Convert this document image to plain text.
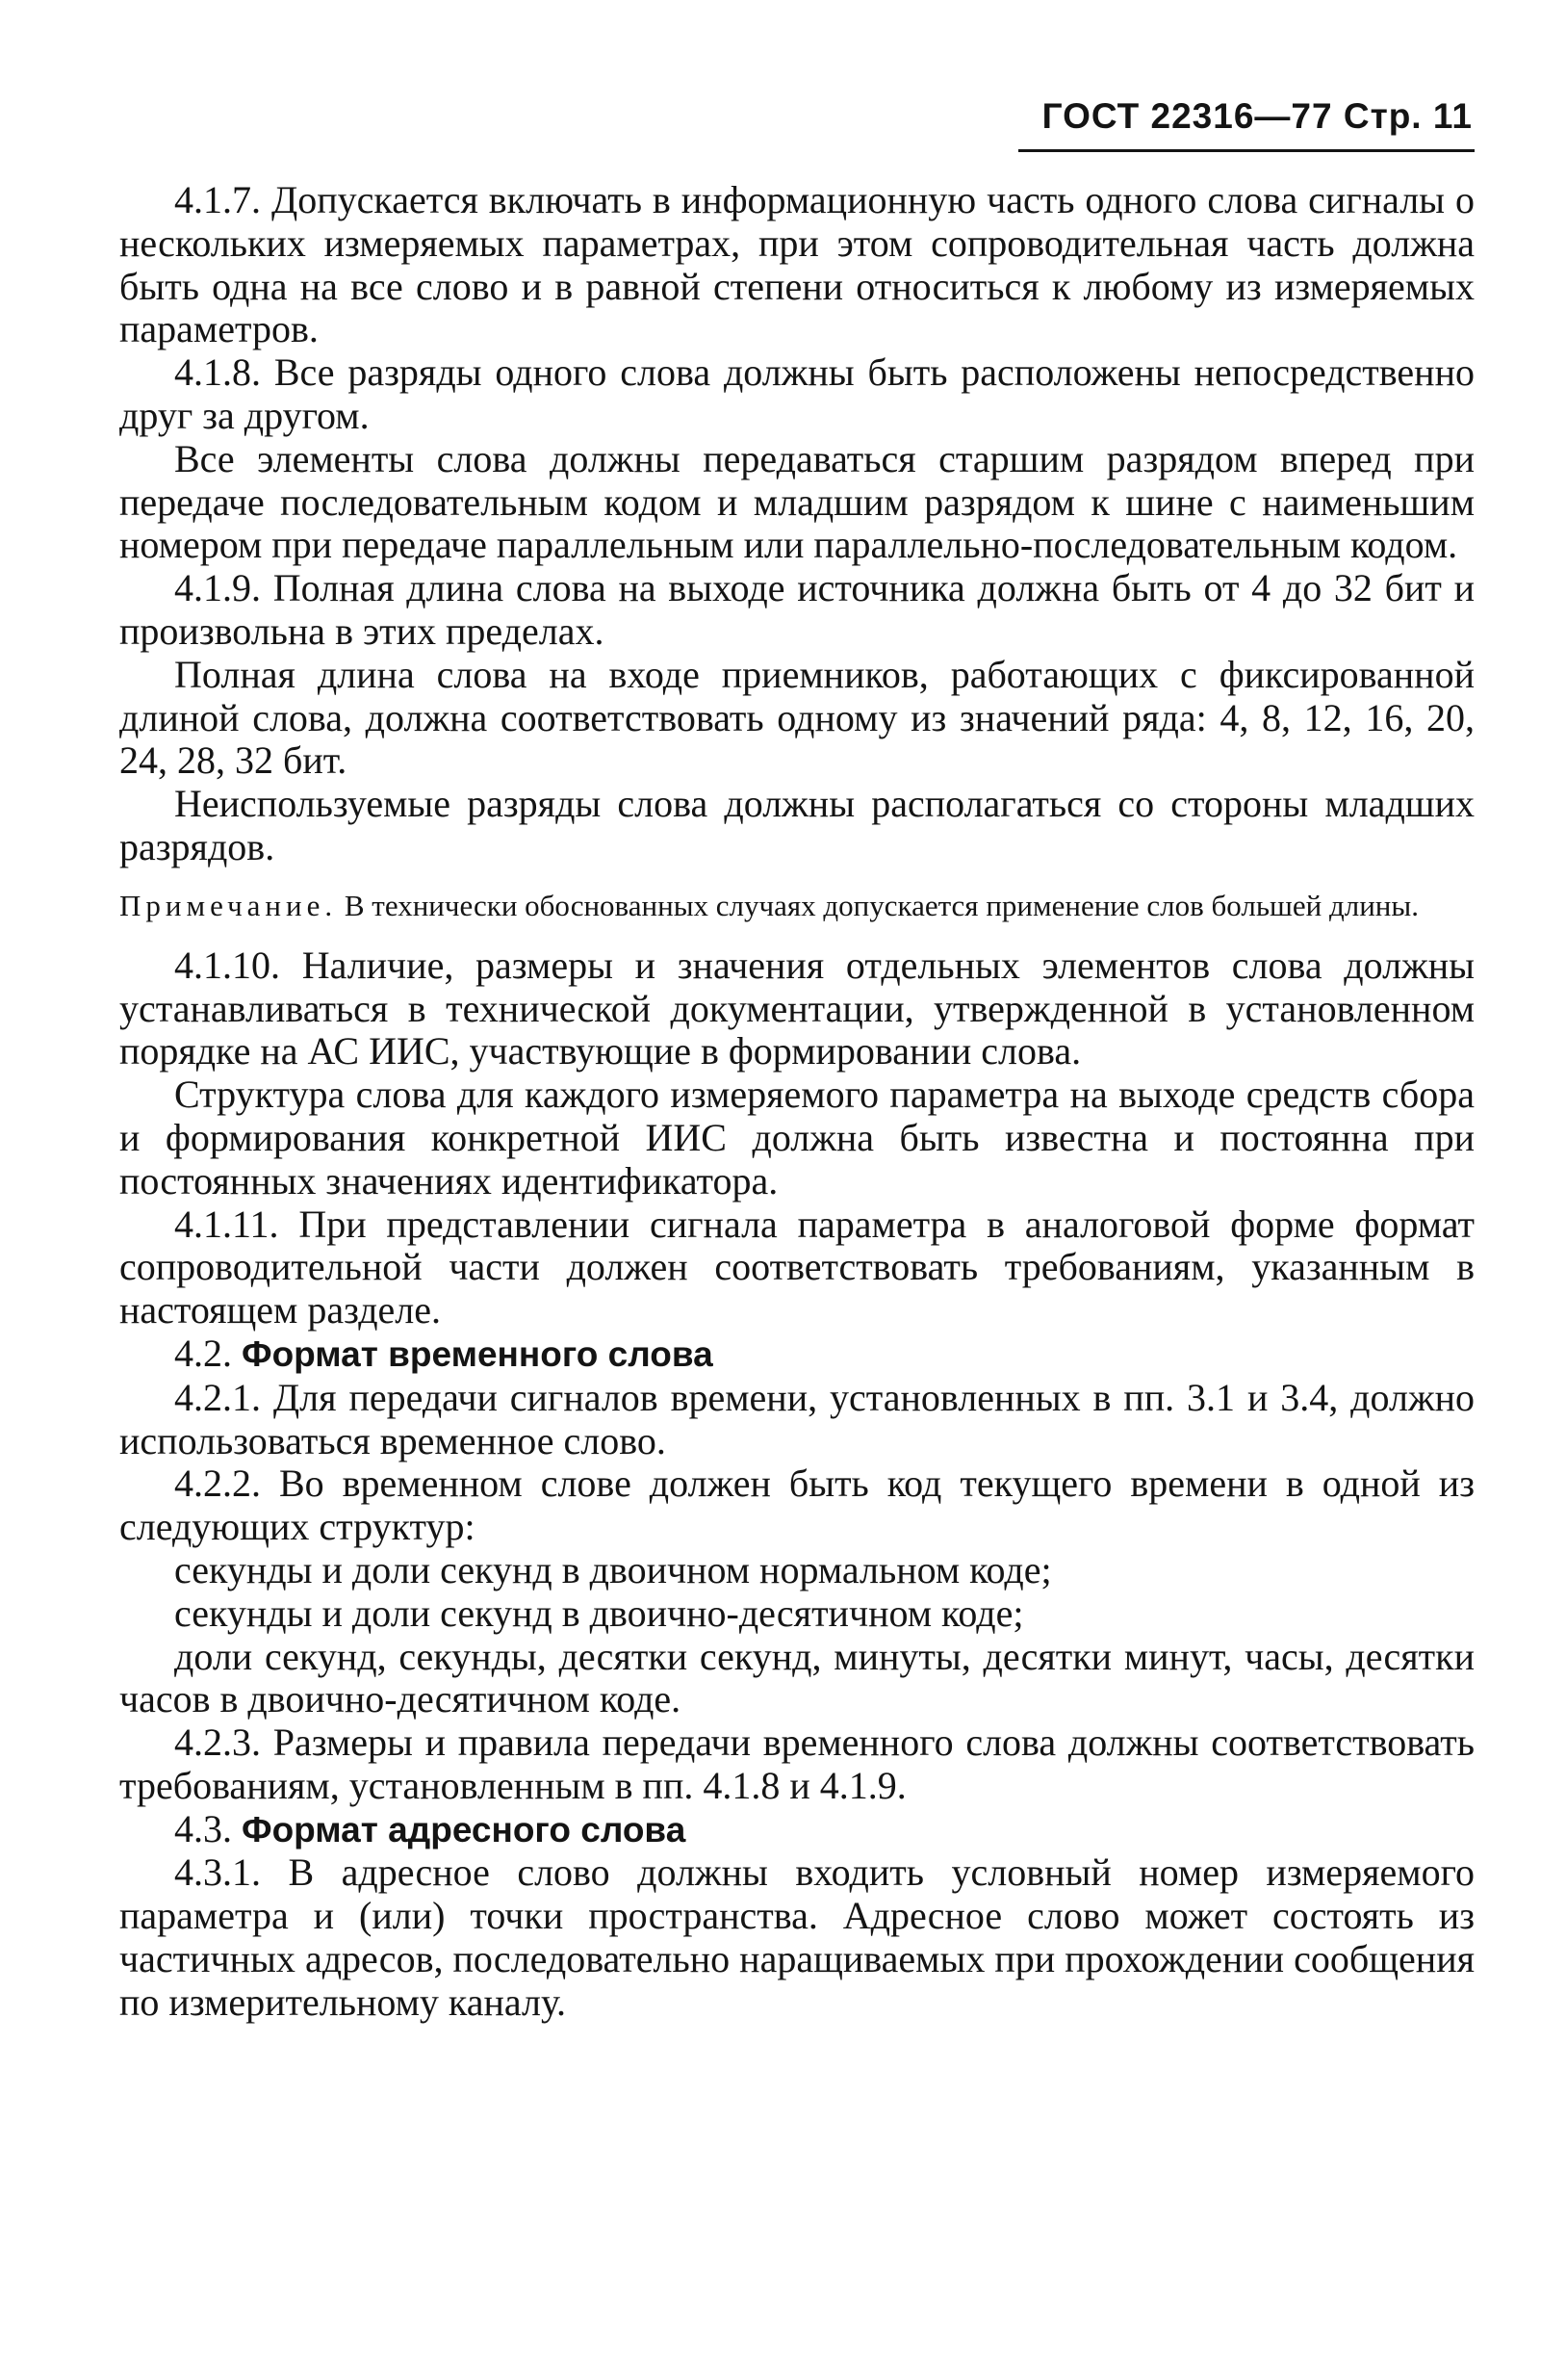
ГОСТ 22316—77 Стр. 11

4.1.7. Допускается включать в информационную часть одного слова сигналы о нескольких измеряемых параметрах, при этом сопроводительная часть должна быть одна на все слово и в равной степени относиться к любому из измеряемых параметров.

4.1.8. Все разряды одного слова должны быть расположены непосредственно друг за другом.

Все элементы слова должны передаваться старшим разрядом вперед при передаче последовательным кодом и младшим разрядом к шине с наименьшим номером при передаче параллельным или параллельно-последовательным кодом.

4.1.9. Полная длина слова на выходе источника должна быть от 4 до 32 бит и произвольна в этих пределах.

Полная длина слова на входе приемников, работающих с фиксированной длиной слова, должна соответствовать одному из значений ряда: 4, 8, 12, 16, 20, 24, 28, 32 бит.

Неиспользуемые разряды слова должны располагаться со стороны младших разрядов.

Примечание. В технически обоснованных случаях допускается применение слов большей длины.

4.1.10. Наличие, размеры и значения отдельных элементов слова должны устанавливаться в технической документации, утвержденной в установленном порядке на АС ИИС, участвующие в формировании слова.

Структура слова для каждого измеряемого параметра на выходе средств сбора и формирования конкретной ИИС должна быть известна и постоянна при постоянных значениях идентификатора.

4.1.11. При представлении сигнала параметра в аналоговой форме формат сопроводительной части должен соответствовать требованиям, указанным в настоящем разделе.

4.2. Формат временного слова

4.2.1. Для передачи сигналов времени, установленных в пп. 3.1 и 3.4, должно использоваться временное слово.

4.2.2. Во временном слове должен быть код текущего времени в одной из следующих структур:

секунды и доли секунд в двоичном нормальном коде;

секунды и доли секунд в двоично-десятичном коде;

доли секунд, секунды, десятки секунд, минуты, десятки минут, часы, десятки часов в двоично-десятичном коде.

4.2.3. Размеры и правила передачи временного слова должны соответствовать требованиям, установленным в пп. 4.1.8 и 4.1.9.

4.3. Формат адресного слова

4.3.1. В адресное слово должны входить условный номер измеряемого параметра и (или) точки пространства. Адресное слово может состоять из частичных адресов, последовательно наращиваемых при прохождении сообщения по измерительному каналу.
